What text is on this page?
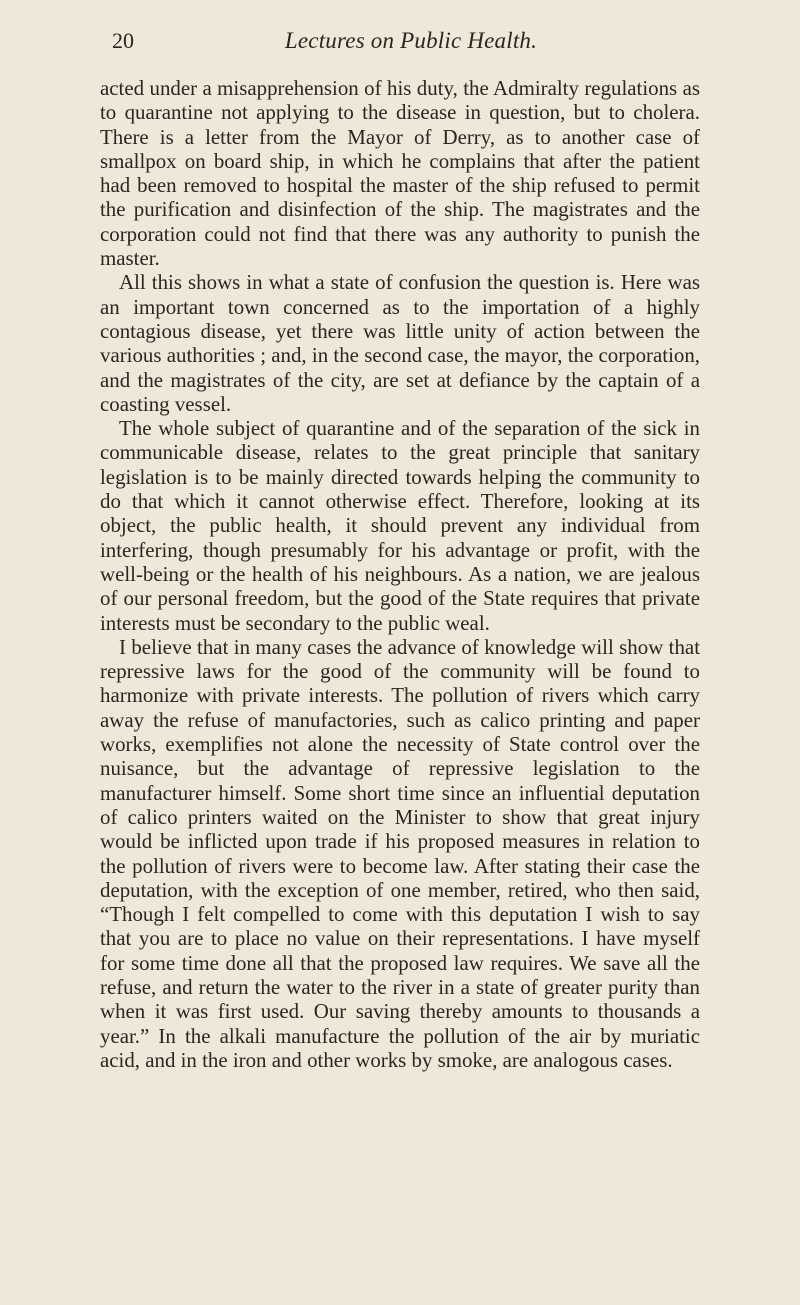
20	Lectures on Public Health.

acted under a misapprehension of his duty, the Admiralty regulations as to quarantine not applying to the disease in question, but to cholera. There is a letter from the Mayor of Derry, as to another case of smallpox on board ship, in which he complains that after the patient had been removed to hospital the master of the ship refused to permit the purification and disinfection of the ship. The magistrates and the corporation could not find that there was any authority to punish the master.

All this shows in what a state of confusion the question is. Here was an important town concerned as to the importation of a highly contagious disease, yet there was little unity of action between the various authorities ; and, in the second case, the mayor, the corporation, and the magistrates of the city, are set at defiance by the captain of a coasting vessel.

The whole subject of quarantine and of the separation of the sick in communicable disease, relates to the great principle that sanitary legislation is to be mainly directed towards helping the community to do that which it cannot otherwise effect. Therefore, looking at its object, the public health, it should prevent any individual from interfering, though presumably for his advantage or profit, with the well-being or the health of his neighbours. As a nation, we are jealous of our personal freedom, but the good of the State requires that private interests must be secondary to the public weal.

I believe that in many cases the advance of knowledge will show that repressive laws for the good of the community will be found to harmonize with private interests. The pollution of rivers which carry away the refuse of manufactories, such as calico printing and paper works, exemplifies not alone the necessity of State control over the nuisance, but the advantage of repressive legislation to the manufacturer himself. Some short time since an influential deputation of calico printers waited on the Minister to show that great injury would be inflicted upon trade if his proposed measures in relation to the pollution of rivers were to become law. After stating their case the deputation, with the exception of one member, retired, who then said, “Though I felt compelled to come with this deputation I wish to say that you are to place no value on their representations. I have myself for some time done all that the proposed law requires. We save all the refuse, and return the water to the river in a state of greater purity than when it was first used. Our saving thereby amounts to thousands a year.” In the alkali manufacture the pollution of the air by muriatic acid, and in the iron and other works by smoke, are analogous cases.
